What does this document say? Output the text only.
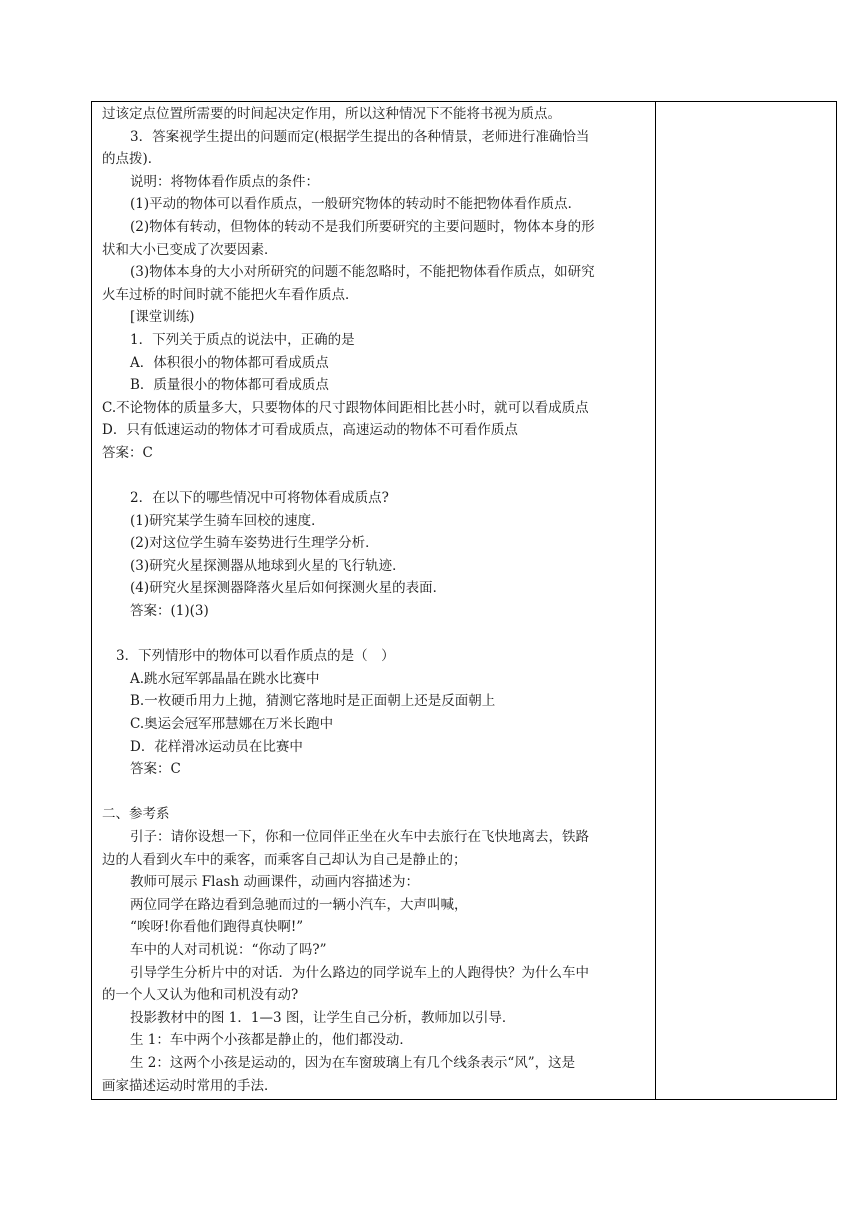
过该定点位置所需要的时间起决定作用，所以这种情况下不能将书视为质点。
3．答案视学生提出的问题而定(根据学生提出的各种情景，老师进行准确恰当
的点拨)．
说明：将物体看作质点的条件：
(1)平动的物体可以看作质点，一般研究物体的转动时不能把物体看作质点．
(2)物体有转动，但物体的转动不是我们所要研究的主要问题时，物体本身的形
状和大小已变成了次要因素．
(3)物体本身的大小对所研究的问题不能忽略时，不能把物体看作质点，如研究
火车过桥的时间时就不能把火车看作质点．
[课堂训练)
1．下列关于质点的说法中，正确的是
A．体积很小的物体都可看成质点
B．质量很小的物体都可看成质点
C.不论物体的质量多大，只要物体的尺寸跟物体间距相比甚小时，就可以看成质点
D．只有低速运动的物体才可看成质点，高速运动的物体不可看作质点
答案：C
2．在以下的哪些情况中可将物体看成质点?
(1)研究某学生骑车回校的速度．
(2)对这位学生骑车姿势进行生理学分析．
(3)研究火星探测器从地球到火星的飞行轨迹．
(4)研究火星探测器降落火星后如何探测火星的表面．
答案：(1)(3)
3．下列情形中的物体可以看作质点的是（　）
A.跳水冠军郭晶晶在跳水比赛中
B.一枚硬币用力上抛，猜测它落地时是正面朝上还是反面朝上
C.奥运会冠军邢慧娜在万米长跑中
D．花样滑冰运动员在比赛中
答案：C
二、参考系
引子：请你设想一下，你和一位同伴正坐在火车中去旅行在飞快地离去，铁路
边的人看到火车中的乘客，而乘客自己却认为自己是静止的；
教师可展示 Flash 动画课件，动画内容描述为：
两位同学在路边看到急驰而过的一辆小汽车，大声叫喊，
“唉呀!你看他们跑得真快啊!”
车中的人对司机说：“你动了吗?”
引导学生分析片中的对话．为什么路边的同学说车上的人跑得快？为什么车中
的一个人又认为他和司机没有动?
投影教材中的图 1．1—3 图，让学生自己分析，教师加以引导．
生 1：车中两个小孩都是静止的，他们都没动．
生 2：这两个小孩是运动的，因为在车窗玻璃上有几个线条表示“风”，这是
画家描述运动时常用的手法．
